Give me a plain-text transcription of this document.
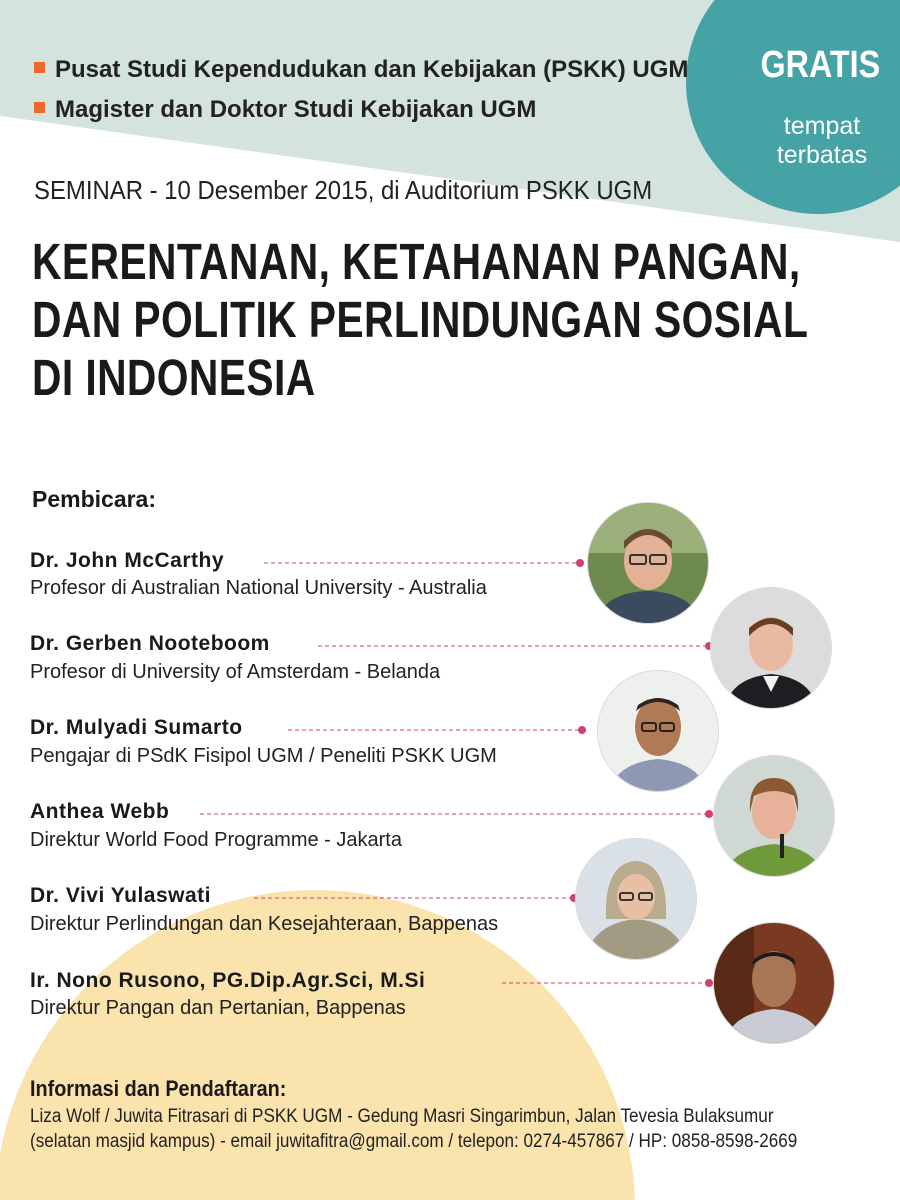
Pusat Studi Kependudukan dan Kebijakan (PSKK) UGM
Magister dan Doktor Studi Kebijakan UGM
GRATIS
tempat
terbatas
SEMINAR - 10 Desember 2015, di Auditorium PSKK UGM
KERENTANAN, KETAHANAN PANGAN,
DAN POLITIK PERLINDUNGAN SOSIAL
DI INDONESIA
Pembicara:
Dr. John McCarthy
Profesor di Australian National University - Australia
Dr. Gerben Nooteboom
Profesor di University of Amsterdam - Belanda
Dr. Mulyadi Sumarto
Pengajar di PSdK Fisipol UGM / Peneliti PSKK UGM
Anthea Webb
Direktur World Food Programme - Jakarta
Dr. Vivi Yulaswati
Direktur Perlindungan dan Kesejahteraan, Bappenas
Ir. Nono Rusono, PG.Dip.Agr.Sci, M.Si
Direktur Pangan dan Pertanian, Bappenas
Informasi dan Pendaftaran:
Liza Wolf / Juwita Fitrasari di PSKK UGM - Gedung Masri Singarimbun, Jalan Tevesia Bulaksumur
(selatan masjid kampus) - email juwitafitra@gmail.com / telepon: 0274-457867 / HP: 0858-8598-2669
